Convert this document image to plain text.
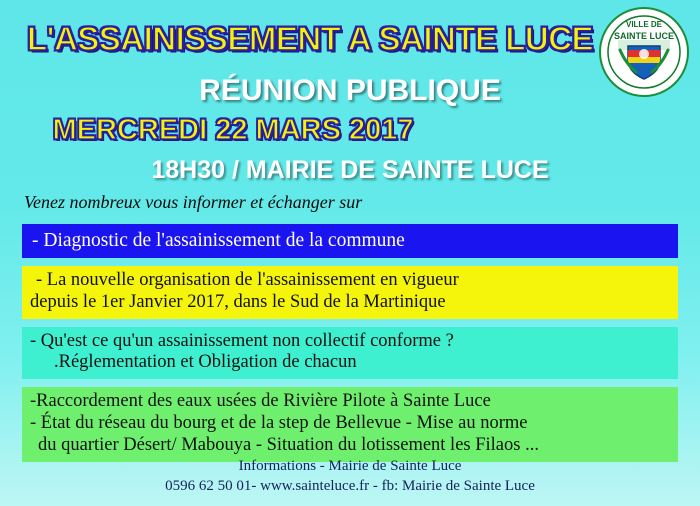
VILLE DE
SAINTE LUCE
L'ASSAINISSEMENT A SAINTE LUCE
RÉUNION PUBLIQUE
MERCREDI 22 MARS 2017
18H30 / MAIRIE DE SAINTE LUCE
Venez nombreux vous informer et échanger sur
- Diagnostic de l'assainissement de la commune
- La nouvelle organisation de l'assainissement en vigueur
depuis le 1er Janvier 2017, dans le Sud de la Martinique
- Qu'est ce qu'un assainissement non collectif conforme ?
.Réglementation et Obligation de chacun
-Raccordement des eaux usées de Rivière Pilote à Sainte Luce
- État du réseau du bourg et de la step de Bellevue - Mise au norme
du quartier Désert/ Mabouya - Situation du lotissement les Filaos ...
Informations - Mairie de Sainte Luce
0596 62 50 01- www.sainteluce.fr - fb: Mairie de Sainte Luce
